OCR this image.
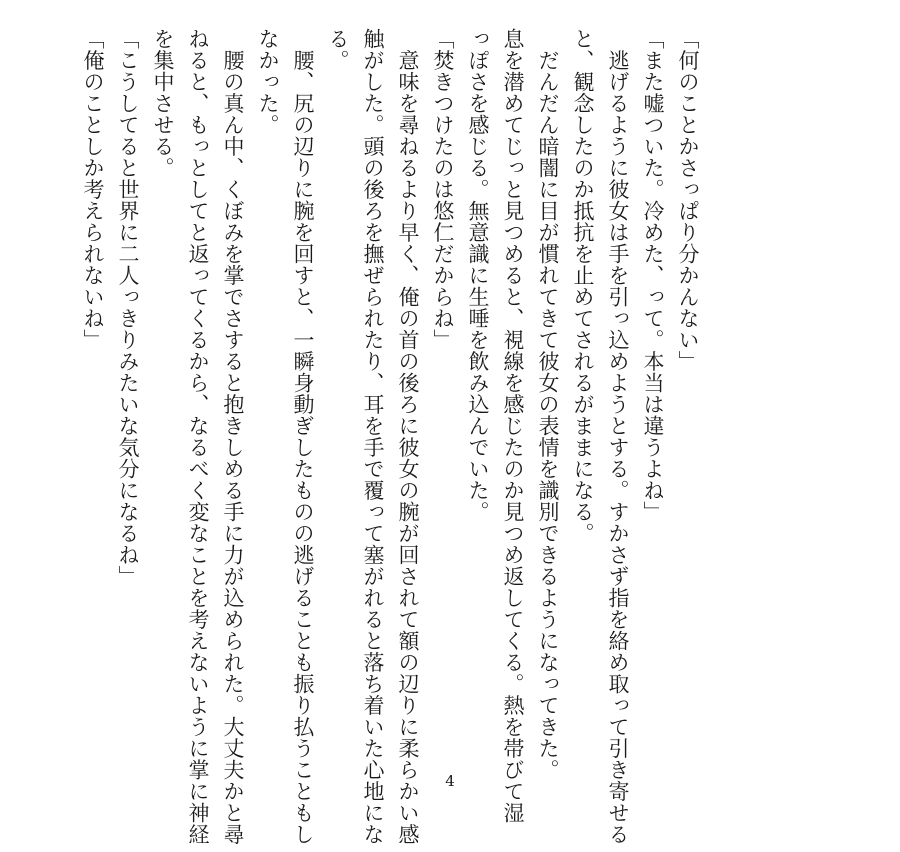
「何のことかさっぱり分かんない」
「また嘘ついた。冷めた、って。本当は違うよね」
　逃げるように彼女は手を引っ込めようとする。すかさず指を絡め取って引き寄せる
と、観念したのか抵抗を止めてされるがままになる。
　だんだん暗闇に目が慣れてきて彼女の表情を識別できるようになってきた。
息を潜めてじっと見つめると、視線を感じたのか見つめ返してくる。熱を帯びて湿
っぽさを感じる。無意識に生唾を飲み込んでいた。
「焚きつけたのは悠仁だからね」
　意味を尋ねるより早く、俺の首の後ろに彼女の腕が回されて額の辺りに柔らかい感
触がした。頭の後ろを撫ぜられたり、耳を手で覆って塞がれると落ち着いた心地にな
る。
　腰、尻の辺りに腕を回すと、一瞬身動ぎしたものの逃げることも振り払うこともし
なかった。
　腰の真ん中、くぼみを掌でさすると抱きしめる手に力が込められた。大丈夫かと尋
ねると、もっとしてと返ってくるから、なるべく変なことを考えないように掌に神経
を集中させる。
「こうしてると世界に二人っきりみたいな気分になるね」
「俺のことしか考えられないね」
4
